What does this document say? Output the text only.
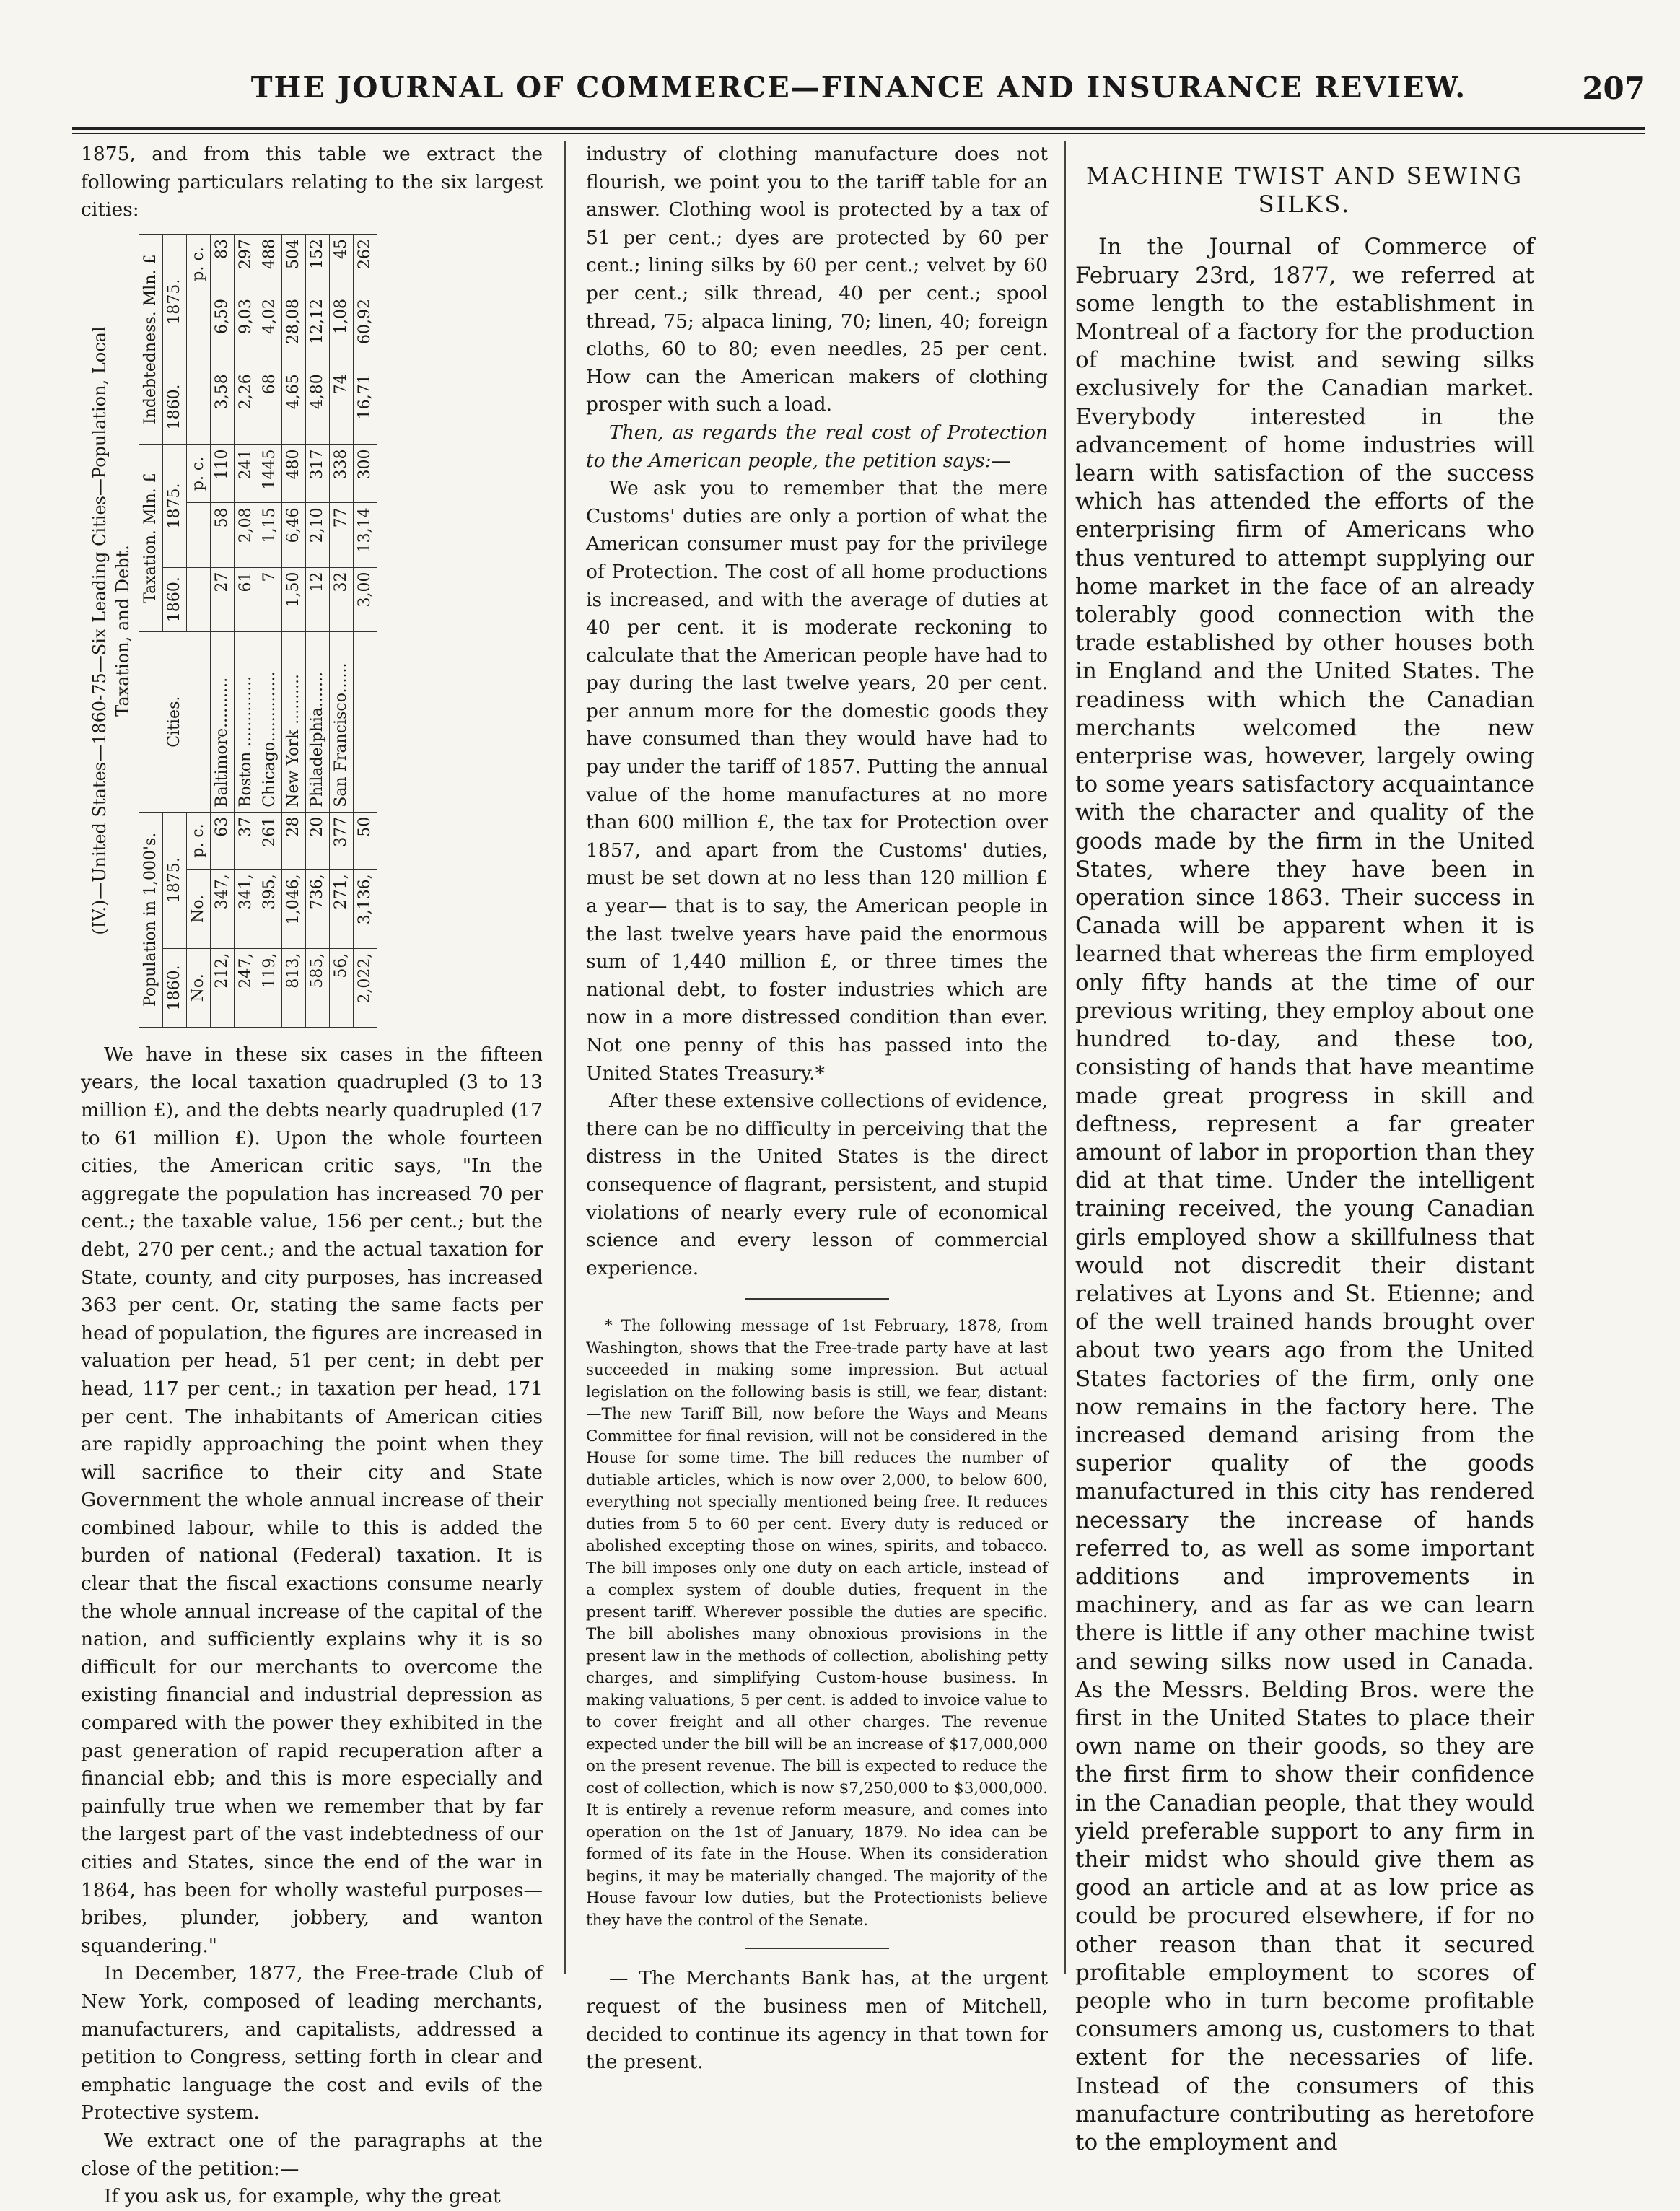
THE JOURNAL OF COMMERCE—FINANCE AND INSURANCE REVIEW.	207

1875, and from this table we extract the following particulars relating to the six largest cities:

(IV.)—United States—1860-75—Six Leading Cities—Population, Local Taxation, and Debt.
Population in 1,000's.			Cities.	Taxation. Mln. £			Indebtedness. Mln. £		
1860.	1875.			1860.	1875.		1860.	1875.	
No.	No.	p. c.				p. c.			p. c.
212,	347,	63	Baltimore..........	27	58	110	3,58	6,59	83
247,	341,	37	Boston ..............	61	2,08	241	2,26	9,03	297
119,	395,	261	Chicago..............	7	1,15	1445	68	4,02	488
813,	1,046,	28	New York ..........	1,50	6,46	480	4,65	28,08	504
585,	736,	20	Philadelphia.......	12	2,10	317	4,80	12,12	152
56,	271,	377	San Francisco......	32	77	338	74	1,08	45
2,022,	3,136,	50		3,00	13,14	300	16,71	60,92	262

We have in these six cases in the fifteen years, the local taxation quadrupled (3 to 13 million £), and the debts nearly quadrupled (17 to 61 million £). Upon the whole fourteen cities, the American critic says, "In the aggregate the population has increased 70 per cent.; the taxable value, 156 per cent.; but the debt, 270 per cent.; and the actual taxation for State, county, and city purposes, has increased 363 per cent. Or, stating the same facts per head of population, the figures are increased in valuation per head, 51 per cent; in debt per head, 117 per cent.; in taxation per head, 171 per cent. The inhabitants of American cities are rapidly approaching the point when they will sacrifice to their city and State Government the whole annual increase of their combined labour, while to this is added the burden of national (Federal) taxation. It is clear that the fiscal exactions consume nearly the whole annual increase of the capital of the nation, and sufficiently explains why it is so difficult for our merchants to overcome the existing financial and industrial depression as compared with the power they exhibited in the past generation of rapid recuperation after a financial ebb; and this is more especially and painfully true when we remember that by far the largest part of the vast indebtedness of our cities and States, since the end of the war in 1864, has been for wholly wasteful purposes—bribes, plunder, jobbery, and wanton squandering."

In December, 1877, the Free-trade Club of New York, composed of leading merchants, manufacturers, and capitalists, addressed a petition to Congress, setting forth in clear and emphatic language the cost and evils of the Protective system.

We extract one of the paragraphs at the close of the petition:—

If you ask us, for example, why the great

industry of clothing manufacture does not flourish, we point you to the tariff table for an answer. Clothing wool is protected by a tax of 51 per cent.; dyes are protected by 60 per cent.; lining silks by 60 per cent.; velvet by 60 per cent.; silk thread, 40 per cent.; spool thread, 75; alpaca lining, 70; linen, 40; foreign cloths, 60 to 80; even needles, 25 per cent. How can the American makers of clothing prosper with such a load.

Then, as regards the real cost of Protection to the American people, the petition says:—

We ask you to remember that the mere Customs' duties are only a portion of what the American consumer must pay for the privilege of Protection. The cost of all home productions is increased, and with the average of duties at 40 per cent. it is moderate reckoning to calculate that the American people have had to pay during the last twelve years, 20 per cent. per annum more for the domestic goods they have consumed than they would have had to pay under the tariff of 1857. Putting the annual value of the home manufactures at no more than 600 million £, the tax for Protection over 1857, and apart from the Customs' duties, must be set down at no less than 120 million £ a year— that is to say, the American people in the last twelve years have paid the enormous sum of 1,440 million £, or three times the national debt, to foster industries which are now in a more distressed condition than ever. Not one penny of this has passed into the United States Treasury.*

After these extensive collections of evidence, there can be no difficulty in perceiving that the distress in the United States is the direct consequence of flagrant, persistent, and stupid violations of nearly every rule of economical science and every lesson of commercial experience.

* The following message of 1st February, 1878, from Washington, shows that the Free-trade party have at last succeeded in making some impression. But actual legislation on the following basis is still, we fear, distant:—The new Tariff Bill, now before the Ways and Means Committee for final revision, will not be considered in the House for some time. The bill reduces the number of dutiable articles, which is now over 2,000, to below 600, everything not specially mentioned being free. It reduces duties from 5 to 60 per cent. Every duty is reduced or abolished excepting those on wines, spirits, and tobacco. The bill imposes only one duty on each article, instead of a complex system of double duties, frequent in the present tariff. Wherever possible the duties are specific. The bill abolishes many obnoxious provisions in the present law in the methods of collection, abolishing petty charges, and simplifying Custom-house business. In making valuations, 5 per cent. is added to invoice value to to cover freight and all other charges. The revenue expected under the bill will be an increase of $17,000,000 on the present revenue. The bill is expected to reduce the cost of collection, which is now $7,250,000 to $3,000,000. It is entirely a revenue reform measure, and comes into operation on the 1st of January, 1879. No idea can be formed of its fate in the House. When its consideration begins, it may be materially changed. The majority of the House favour low duties, but the Protectionists believe they have the control of the Senate.

— The Merchants Bank has, at the urgent request of the business men of Mitchell, decided to continue its agency in that town for the present.

MACHINE TWIST AND SEWING SILKS.

In the Journal of Commerce of February 23rd, 1877, we referred at some length to the establishment in Montreal of a factory for the production of machine twist and sewing silks exclusively for the Canadian market. Everybody interested in the advancement of home industries will learn with satisfaction of the success which has attended the efforts of the enterprising firm of Americans who thus ventured to attempt supplying our home market in the face of an already tolerably good connection with the trade established by other houses both in England and the United States. The readiness with which the Canadian merchants welcomed the new enterprise was, however, largely owing to some years satisfactory acquaintance with the character and quality of the goods made by the firm in the United States, where they have been in operation since 1863. Their success in Canada will be apparent when it is learned that whereas the firm employed only fifty hands at the time of our previous writing, they employ about one hundred to-day, and these too, consisting of hands that have meantime made great progress in skill and deftness, represent a far greater amount of labor in proportion than they did at that time. Under the intelligent training received, the young Canadian girls employed show a skillfulness that would not discredit their distant relatives at Lyons and St. Etienne; and of the well trained hands brought over about two years ago from the United States factories of the firm, only one now remains in the factory here. The increased demand arising from the superior quality of the goods manufactured in this city has rendered necessary the increase of hands referred to, as well as some important additions and improvements in machinery, and as far as we can learn there is little if any other machine twist and sewing silks now used in Canada. As the Messrs. Belding Bros. were the first in the United States to place their own name on their goods, so they are the first firm to show their confidence in the Canadian people, that they would yield preferable support to any firm in their midst who should give them as good an article and at as low price as could be procured elsewhere, if for no other reason than that it secured profitable employment to scores of people who in turn become profitable consumers among us, customers to that extent for the necessaries of life. Instead of the consumers of this manufacture contributing as heretofore to the employment and
